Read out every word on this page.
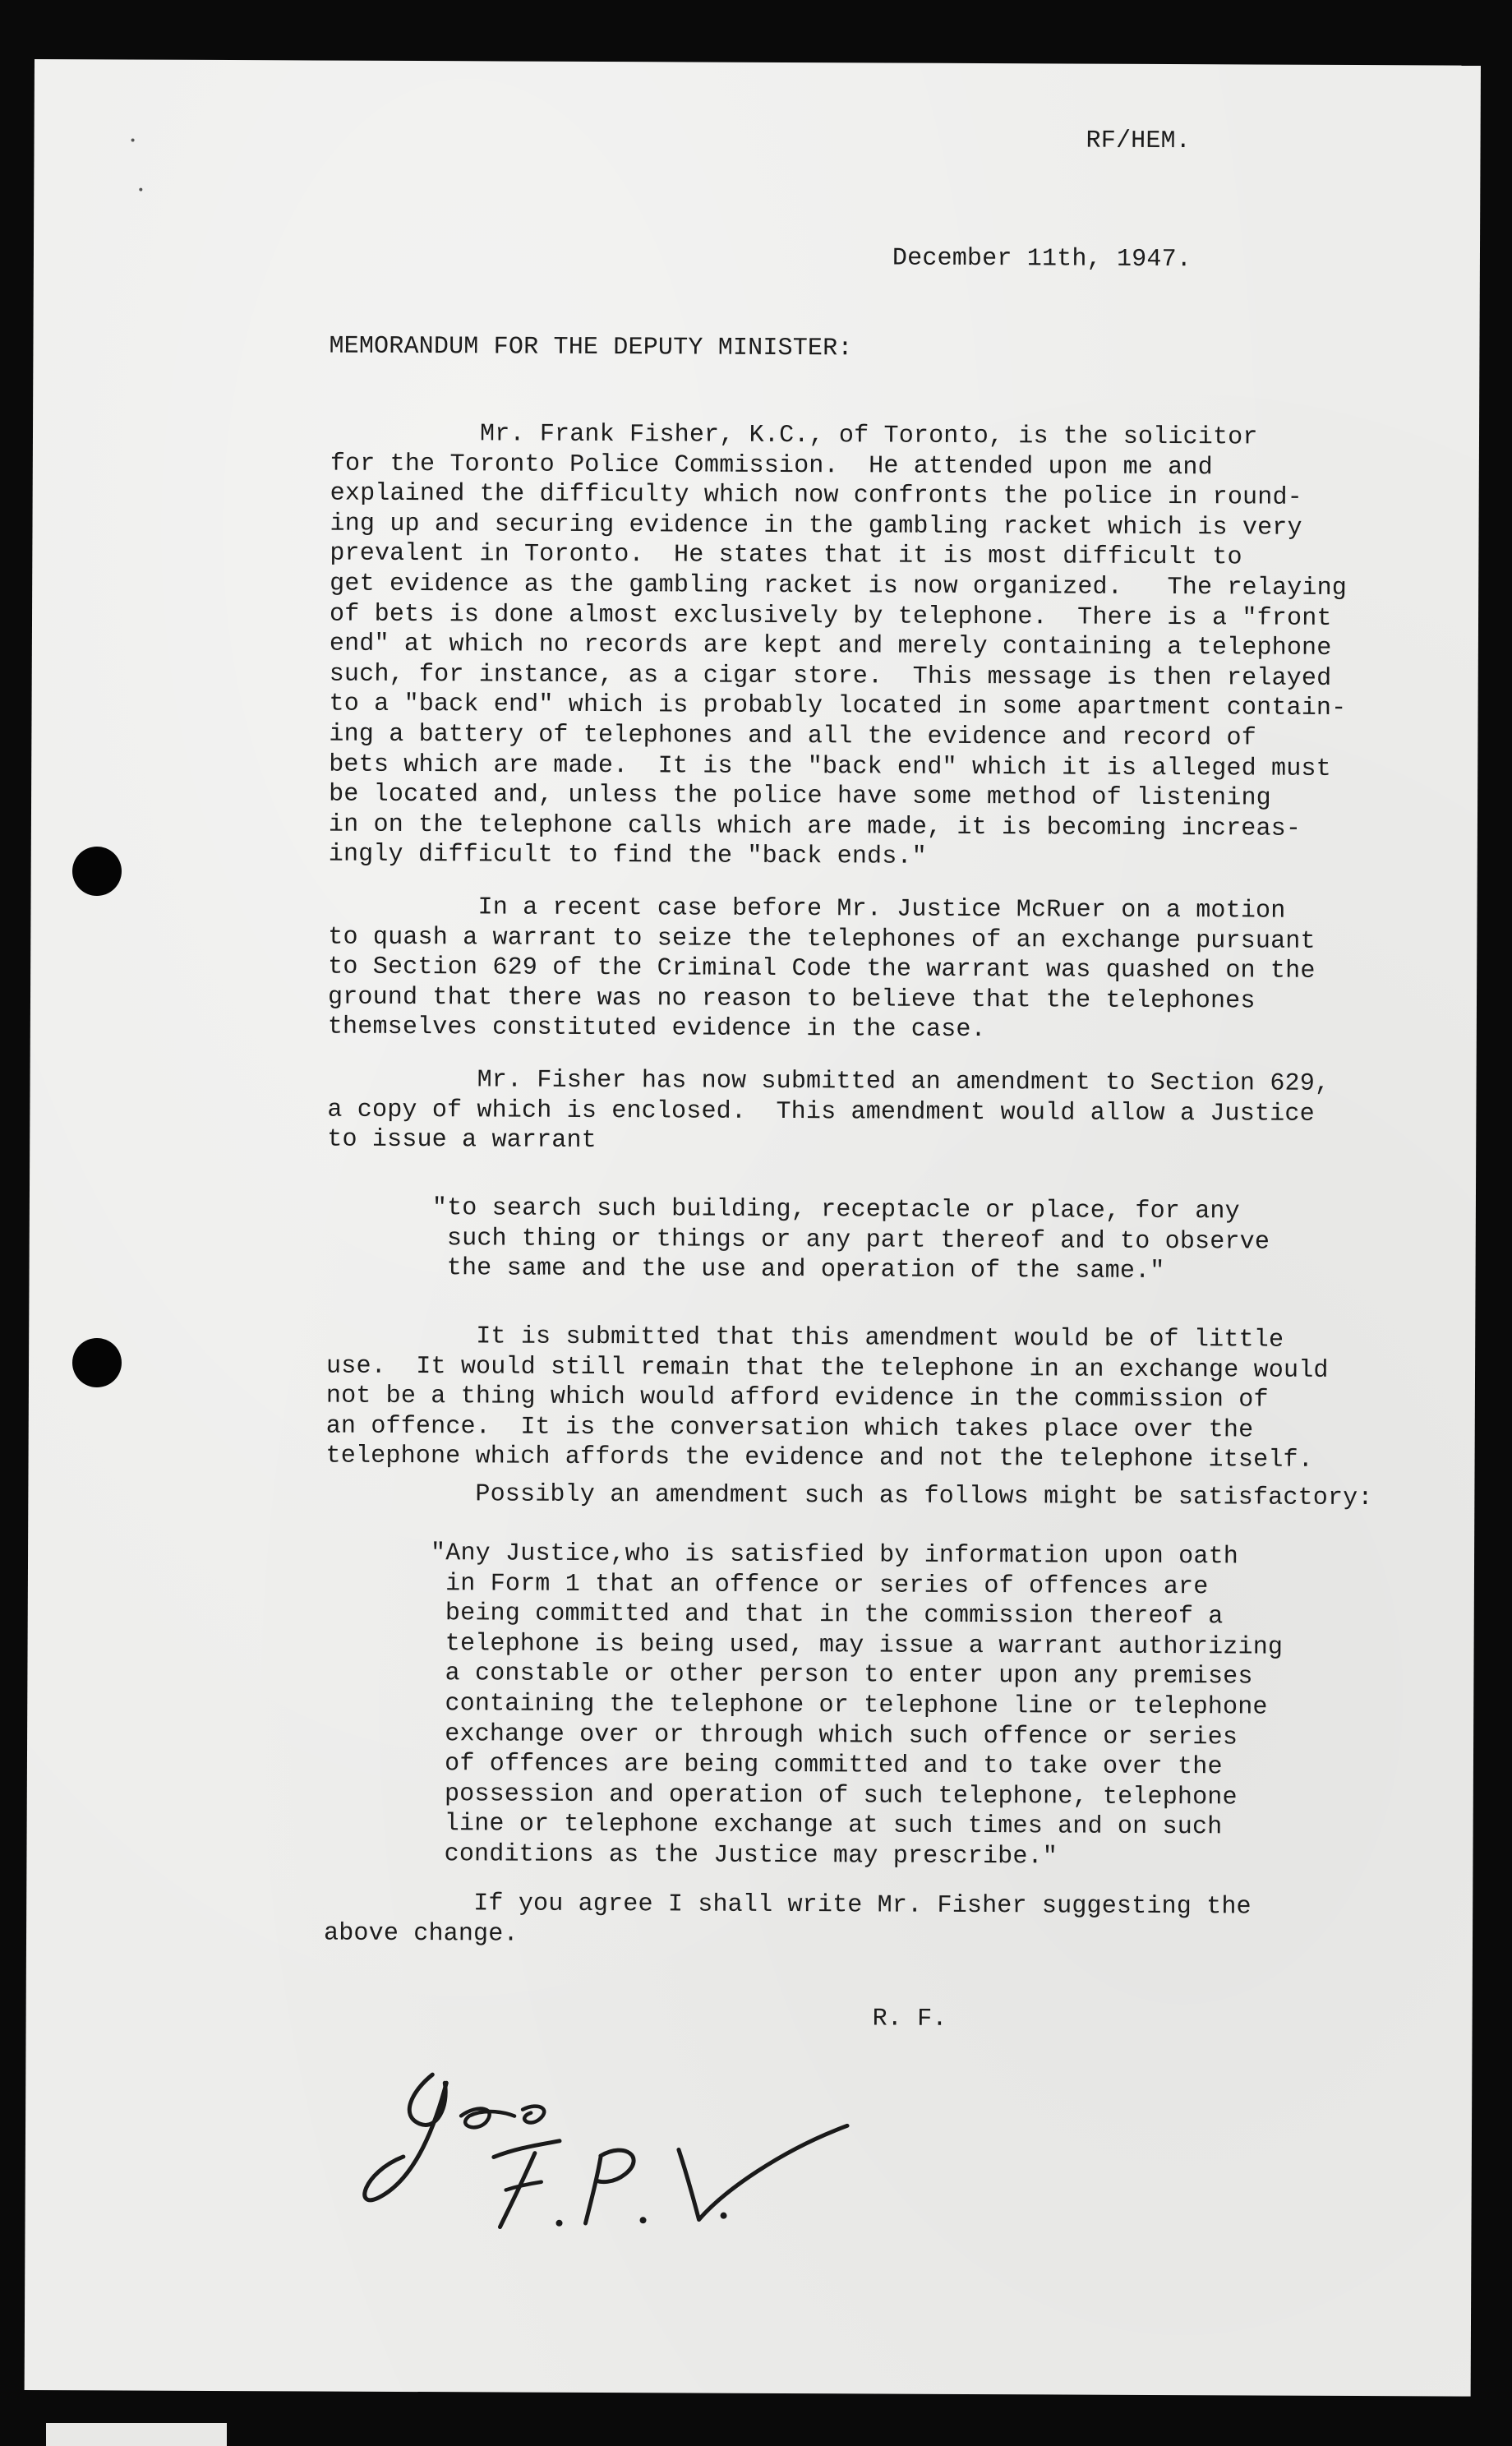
RF/HEM.
December 11th, 1947.
MEMORANDUM FOR THE DEPUTY MINISTER:
Mr. Frank Fisher, K.C., of Toronto, is the solicitor
for the Toronto Police Commission.  He attended upon me and
explained the difficulty which now confronts the police in round-
ing up and securing evidence in the gambling racket which is very
prevalent in Toronto.  He states that it is most difficult to
get evidence as the gambling racket is now organized.   The relaying
of bets is done almost exclusively by telephone.  There is a "front
end" at which no records are kept and merely containing a telephone
such, for instance, as a cigar store.  This message is then relayed
to a "back end" which is probably located in some apartment contain-
ing a battery of telephones and all the evidence and record of
bets which are made.  It is the "back end" which it is alleged must
be located and, unless the police have some method of listening
in on the telephone calls which are made, it is becoming increas-
ingly difficult to find the "back ends."
In a recent case before Mr. Justice McRuer on a motion
to quash a warrant to seize the telephones of an exchange pursuant
to Section 629 of the Criminal Code the warrant was quashed on the
ground that there was no reason to believe that the telephones
themselves constituted evidence in the case.
Mr. Fisher has now submitted an amendment to Section 629,
a copy of which is enclosed.  This amendment would allow a Justice
to issue a warrant
"to search such building, receptacle or place, for any
such thing or things or any part thereof and to observe
the same and the use and operation of the same."
It is submitted that this amendment would be of little
use.  It would still remain that the telephone in an exchange would
not be a thing which would afford evidence in the commission of
an offence.  It is the conversation which takes place over the
telephone which affords the evidence and not the telephone itself.
Possibly an amendment such as follows might be satisfactory:
"Any Justice,who is satisfied by information upon oath
in Form 1 that an offence or series of offences are
being committed and that in the commission thereof a
telephone is being used, may issue a warrant authorizing
a constable or other person to enter upon any premises
containing the telephone or telephone line or telephone
exchange over or through which such offence or series
of offences are being committed and to take over the
possession and operation of such telephone, telephone
line or telephone exchange at such times and on such
conditions as the Justice may prescribe."
If you agree I shall write Mr. Fisher suggesting the
above change.
R. F.
